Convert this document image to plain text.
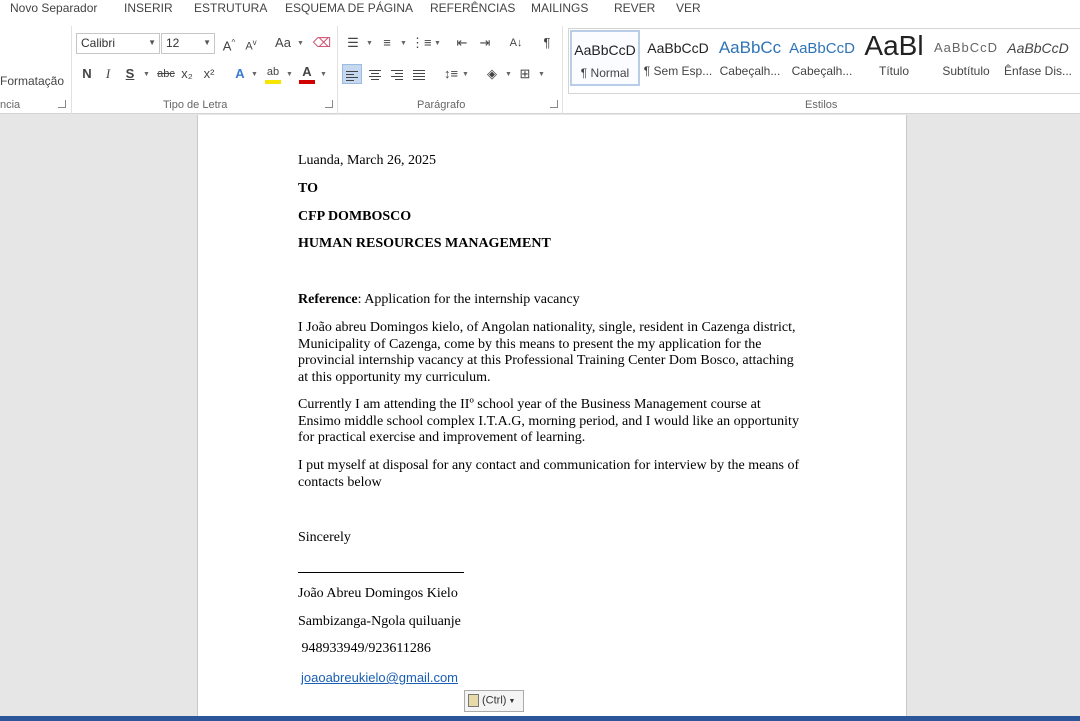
Novo Separador INSERIR ESTRUTURA ESQUEMA DE PÁGINA REFERÊNCIAS MAILINGS REVER VER
Formatação
ncia
Calibri	▼ 12	▼ A^ $A^v$	Aa ▼ ⌫
N	I	S	▼ abc x₂ x²	A ▼ ab ▼ A	▼
Tipo de Letra
☰	▼ ≡	▼ ⋮≡ ▼	⇤ ⇥	A↓	¶
↕≡ ▼	◈	▼ ⊞	▼
Parágrafo
AaBbCcD
¶ Normal
AaBbCcD
¶ Sem Esp...
AaBbCc
Cabeçalh...
AaBbCcD
Cabeçalh...
AaBl
Título
AaBbCcD
Subtítulo
AaBbCcD
Ênfase Dis...
Estilos
Luanda, March 26, 2025
TO
CFP DOMBOSCO
HUMAN RESOURCES MANAGEMENT
Reference: Application for the internship vacancy
I João abreu Domingos kielo, of Angolan nationality, single, resident in Cazenga district, Municipality of Cazenga, come by this means to present the my application for the provincial internship vacancy at this Professional Training Center Dom Bosco, attaching at this opportunity my curriculum.
Currently I am attending the IIº school year of the Business Management course at Ensimo middle school complex I.T.A.G, morning period, and I would like an opportunity for practical exercise and improvement of learning.
I put myself at disposal for any contact and communication for interview by the means of contacts below
Sincerely
João Abreu Domingos Kielo
Sambizanga-Ngola quiluanje
948933949/923611286
joaoabreukielo@gmail.com
(Ctrl) ▼
